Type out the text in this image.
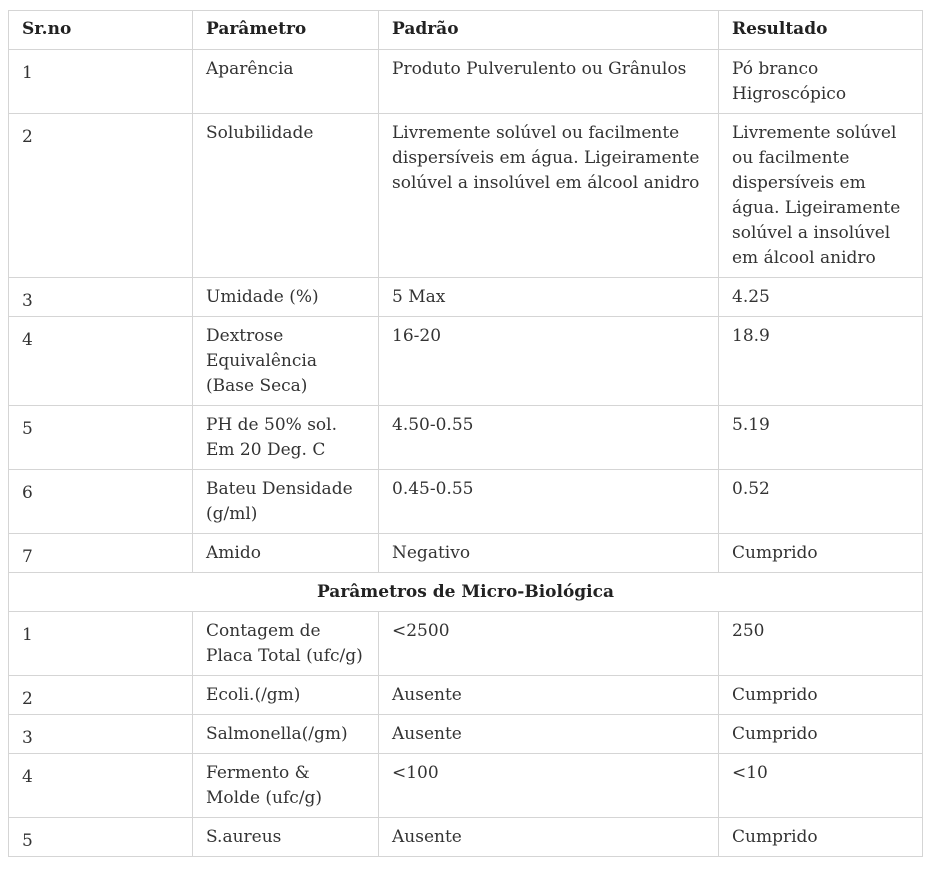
Sr.no	Parâmetro	Padrão	Resultado
1	Aparência	Produto Pulverulento ou Grânulos	Pó branco Higroscópico
2	Solubilidade	Livremente solúvel ou facilmente dispersíveis em água. Ligeiramente solúvel a insolúvel em álcool anidro	Livremente solúvel ou facilmente dispersíveis em água. Ligeiramente solúvel a insolúvel em álcool anidro
3	Umidade (%)	5 Max	4.25
4	Dextrose Equivalência (Base Seca)	16-20	18.9
5	PH de 50% sol. Em 20 Deg. C	4.50-0.55	5.19
6	Bateu Densidade (g/ml)	0.45-0.55	0.52
7	Amido	Negativo	Cumprido
Parâmetros de Micro-Biológica			
1	Contagem de Placa Total (ufc/g)	<2500	250
2	Ecoli.(/gm)	Ausente	Cumprido
3	Salmonella(/gm)	Ausente	Cumprido
4	Fermento & Molde (ufc/g)	<100	<10
5	S.aureus	Ausente	Cumprido
